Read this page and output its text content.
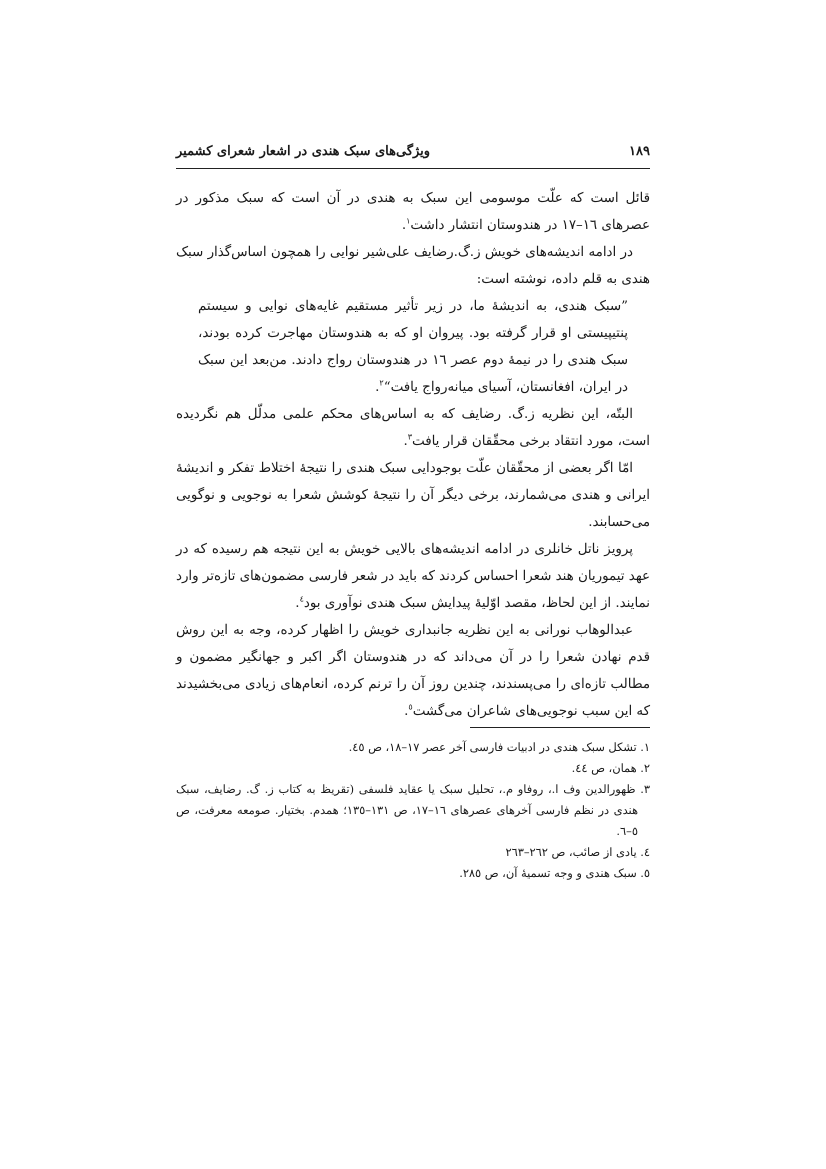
۱۸۹
ویژگی‌های سبک هندی در اشعار شعرای کشمیر

قائل است که علّت موسومی این سبک به هندی در آن است که سبک مذکور در عصرهای ۱٦–۱۷ در هندوستان انتشار داشت$^۱$.

در ادامه اندیشه‌های خویش ز.گ.رضایف علی‌شیر نوایی را همچون اساس‌گذار سبک هندی به قلم داده، نوشته است:

”سبک هندی، به اندیشهٔ ما، در زیر تأثیر مستقیم غایه‌های نوایی و سیستم پنتیپیستی او قرار گرفته بود. پیروان او که به هندوستان مهاجرت کرده بودند، سبک هندی را در نیمهٔ دوم عصر ۱٦ در هندوستان رواج دادند. من‌بعد این سبک در ایران، افغانستان، آسیای میانه‌رواج یافت“$^۲$.

البتّه، این نظریه ز.گ. رضایف که به اساس‌های محکم علمی مدلّل هم نگردیده است، مورد انتقاد برخی محقّقان قرار یافت$^۳$.

امّا اگر بعضی از محقّقان علّت بوجودایی سبک هندی را نتیجهٔ اختلاط تفکر و اندیشهٔ ایرانی و هندی می‌شمارند، برخی دیگر آن را نتیجهٔ کوشش شعرا به نوجویی و نوگویی می‌حسابند.

پرویز ناتل خانلری در ادامه اندیشه‌های بالایی خویش به این نتیجه هم رسیده که در عهد تیموریان هند شعرا احساس کردند که باید در شعر فارسی مضمون‌های تازه‌تر وارد نمایند. از این لحاظ، مقصد اوّلیهٔ پیدایش سبک هندی نوآوری بود$^٤$.

عبدالوهاب نورانی به این نظریه جانبداری خویش را اظهار کرده، وجه به این روش قدم نهادن شعرا را در آن می‌داند که در هندوستان اگر اکبر و جهانگیر مضمون و مطالب تازه‌ای را می‌پسندند، چندین روز آن را ترنم کرده، انعام‌های زیادی می‌بخشیدند که این سبب نوجویی‌های شاعران می‌گشت$^٥$.

۱. تشکل سبک هندی در ادبیات فارسی آخر عصر ۱۷–۱۸، ص ٤٥.

۲. همان، ص ٤٤.

۳. ظهورالدین وف ا.، روفاو م.، تحلیل سبک یا عقاید فلسفی (تقریظ به کتاب ز. گ. رضایف، سبک هندی در نظم فارسی آخرهای عصرهای ۱٦–۱۷، ص ۱۳۱–۱۳٥؛ همدم. بختیار. صومعه معرفت، ص ٥–٦.

٤. یادی از صائب، ص ۲٦۲–۲٦۳

٥. سبک هندی و وجه تسمیهٔ آن، ص ۲۸٥.
